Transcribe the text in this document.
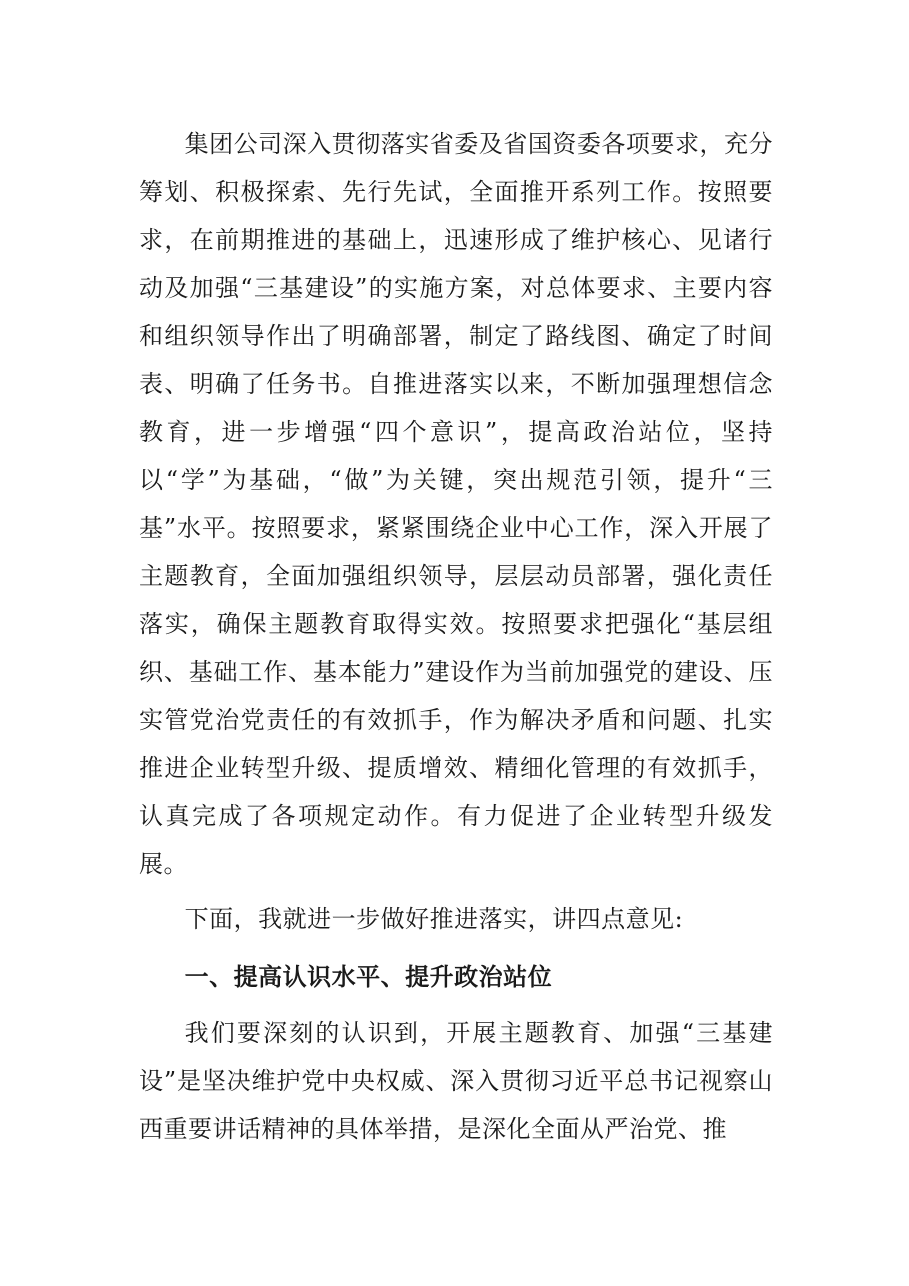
集团公司深入贯彻落实省委及省国资委各项要求，充分筹划、积极探索、先行先试，全面推开系列工作。按照要求，在前期推进的基础上，迅速形成了维护核心、见诸行动及加强“三基建设”的实施方案，对总体要求、主要内容和组织领导作出了明确部署，制定了路线图、确定了时间表、明确了任务书。自推进落实以来，不断加强理想信念教育，进一步增强“四个意识”，提高政治站位，坚持以“学”为基础，“做”为关键，突出规范引领，提升“三基”水平。按照要求，紧紧围绕企业中心工作，深入开展了主题教育，全面加强组织领导，层层动员部署，强化责任落实，确保主题教育取得实效。按照要求把强化“基层组织、基础工作、基本能力”建设作为当前加强党的建设、压实管党治党责任的有效抓手，作为解决矛盾和问题、扎实推进企业转型升级、提质增效、精细化管理的有效抓手，认真完成了各项规定动作。有力促进了企业转型升级发展。

下面，我就进一步做好推进落实，讲四点意见:

一、提高认识水平、提升政治站位

我们要深刻的认识到，开展主题教育、加强“三基建设”是坚决维护党中央权威、深入贯彻习近平总书记视察山西重要讲话精神的具体举措，是深化全面从严治党、推
